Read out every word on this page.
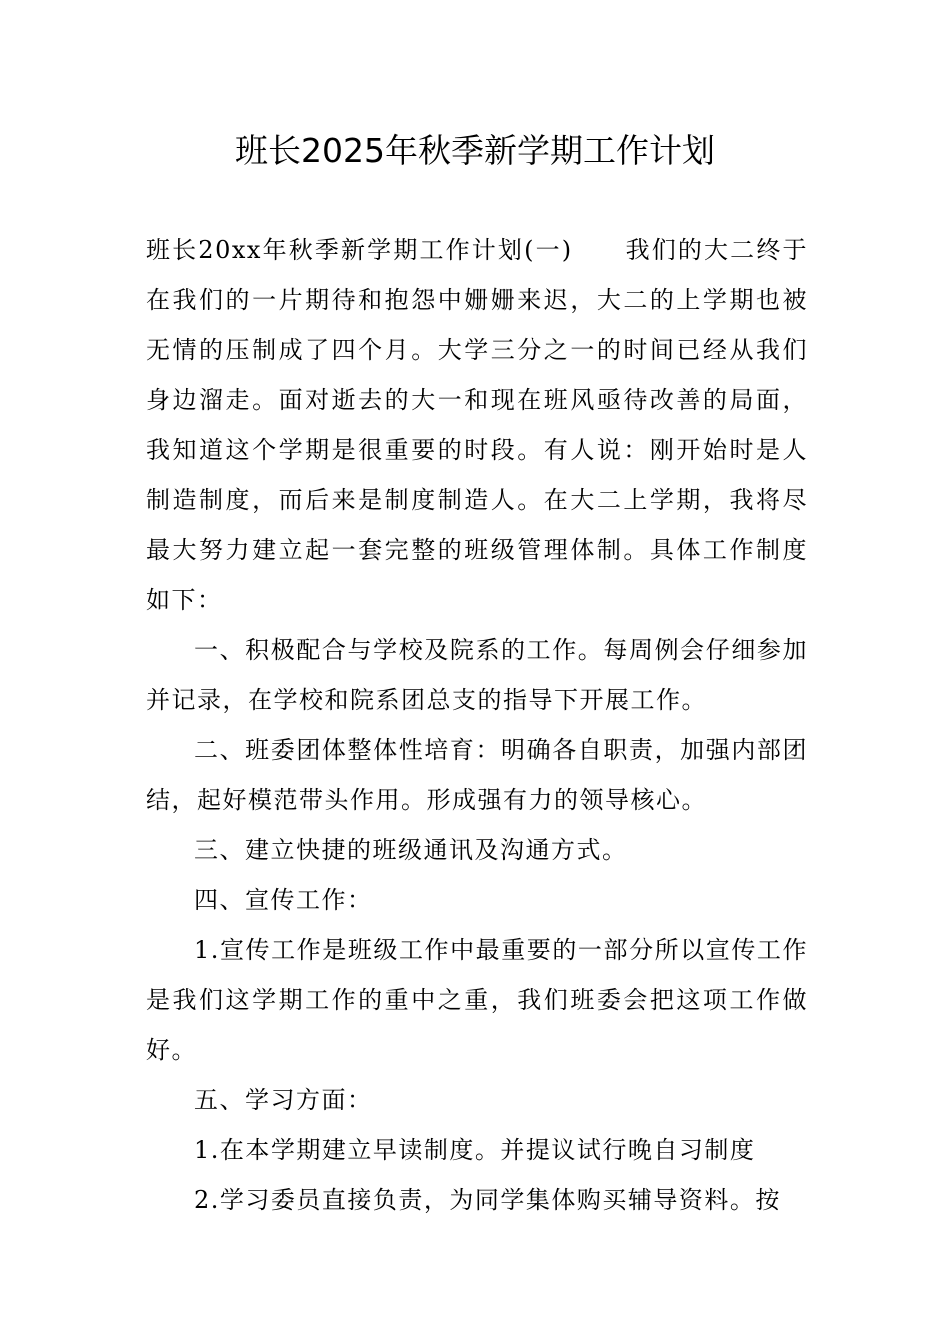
班长2025年秋季新学期工作计划

班长20xx年秋季新学期工作计划(一)　　我们的大二终于在我们的一片期待和抱怨中姗姗来迟，大二的上学期也被无情的压制成了四个月。大学三分之一的时间已经从我们身边溜走。面对逝去的大一和现在班风亟待改善的局面，我知道这个学期是很重要的时段。有人说：刚开始时是人制造制度，而后来是制度制造人。在大二上学期，我将尽最大努力建立起一套完整的班级管理体制。具体工作制度如下：

一、积极配合与学校及院系的工作。每周例会仔细参加并记录，在学校和院系团总支的指导下开展工作。

二、班委团体整体性培育：明确各自职责，加强内部团结，起好模范带头作用。形成强有力的领导核心。

三、建立快捷的班级通讯及沟通方式。

四、宣传工作：

1.宣传工作是班级工作中最重要的一部分所以宣传工作是我们这学期工作的重中之重，我们班委会把这项工作做好。

五、学习方面：

1.在本学期建立早读制度。并提议试行晚自习制度

2.学习委员直接负责，为同学集体购买辅导资料。按
